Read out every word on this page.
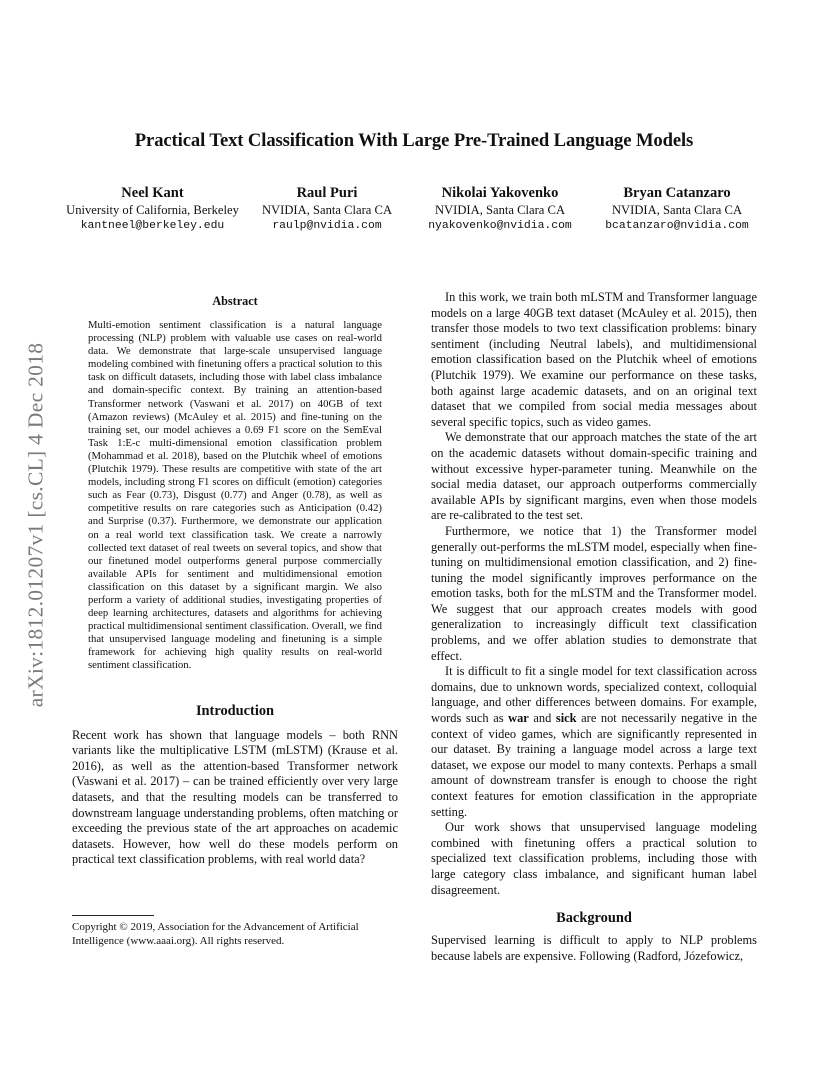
arXiv:1812.01207v1 [cs.CL] 4 Dec 2018
Practical Text Classification With Large Pre-Trained Language Models
Neel Kant
University of California, Berkeley
kantneel@berkeley.edu
Raul Puri
NVIDIA, Santa Clara CA
raulp@nvidia.com
Nikolai Yakovenko
NVIDIA, Santa Clara CA
nyakovenko@nvidia.com
Bryan Catanzaro
NVIDIA, Santa Clara CA
bcatanzaro@nvidia.com
Abstract

Multi-emotion sentiment classification is a natural language processing (NLP) problem with valuable use cases on real-world data. We demonstrate that large-scale unsupervised language modeling combined with finetuning offers a practical solution to this task on difficult datasets, including those with label class imbalance and domain-specific context. By training an attention-based Transformer network (Vaswani et al. 2017) on 40GB of text (Amazon reviews) (McAuley et al. 2015) and fine-tuning on the training set, our model achieves a 0.69 F1 score on the SemEval Task 1:E-c multi-dimensional emotion classification problem (Mohammad et al. 2018), based on the Plutchik wheel of emotions (Plutchik 1979). These results are competitive with state of the art models, including strong F1 scores on difficult (emotion) categories such as Fear (0.73), Disgust (0.77) and Anger (0.78), as well as competitive results on rare categories such as Anticipation (0.42) and Surprise (0.37). Furthermore, we demonstrate our application on a real world text classification task. We create a narrowly collected text dataset of real tweets on several topics, and show that our finetuned model outperforms general purpose commercially available APIs for sentiment and multidimensional emotion classification on this dataset by a significant margin. We also perform a variety of additional studies, investigating properties of deep learning architectures, datasets and algorithms for achieving practical multidimensional sentiment classification. Overall, we find that unsupervised language modeling and finetuning is a simple framework for achieving high quality results on real-world sentiment classification.

Introduction

Recent work has shown that language models – both RNN variants like the multiplicative LSTM (mLSTM) (Krause et al. 2016), as well as the attention-based Transformer network (Vaswani et al. 2017) – can be trained efficiently over very large datasets, and that the resulting models can be transferred to downstream language understanding problems, often matching or exceeding the previous state of the art approaches on academic datasets. However, how well do these models perform on practical text classification problems, with real world data?

Copyright © 2019, Association for the Advancement of Artificial Intelligence (www.aaai.org). All rights reserved.

In this work, we train both mLSTM and Transformer language models on a large 40GB text dataset (McAuley et al. 2015), then transfer those models to two text classification problems: binary sentiment (including Neutral labels), and multidimensional emotion classification based on the Plutchik wheel of emotions (Plutchik 1979). We examine our performance on these tasks, both against large academic datasets, and on an original text dataset that we compiled from social media messages about several specific topics, such as video games.

We demonstrate that our approach matches the state of the art on the academic datasets without domain-specific training and without excessive hyper-parameter tuning. Meanwhile on the social media dataset, our approach outperforms commercially available APIs by significant margins, even when those models are re-calibrated to the test set.

Furthermore, we notice that 1) the Transformer model generally out-performs the mLSTM model, especially when fine-tuning on multidimensional emotion classification, and 2) fine-tuning the model significantly improves performance on the emotion tasks, both for the mLSTM and the Transformer model. We suggest that our approach creates models with good generalization to increasingly difficult text classification problems, and we offer ablation studies to demonstrate that effect.

It is difficult to fit a single model for text classification across domains, due to unknown words, specialized context, colloquial language, and other differences between domains. For example, words such as war and sick are not necessarily negative in the context of video games, which are significantly represented in our dataset. By training a language model across a large text dataset, we expose our model to many contexts. Perhaps a small amount of downstream transfer is enough to choose the right context features for emotion classification in the appropriate setting.

Our work shows that unsupervised language modeling combined with finetuning offers a practical solution to specialized text classification problems, including those with large category class imbalance, and significant human label disagreement.

Background

Supervised learning is difficult to apply to NLP problems because labels are expensive. Following (Radford, Józefowicz,
